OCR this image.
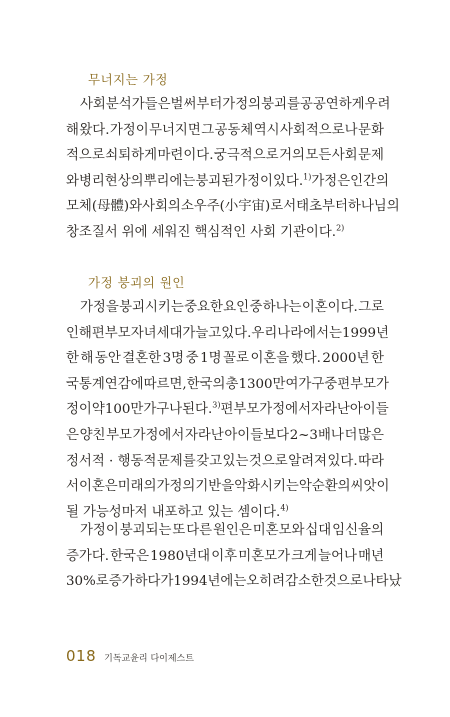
무너지는 가정
사회분석가들은 벌써부터 가정의 붕괴를 공공연하게 우려
해 왔다. 가정이 무너지면 그 공동체 역시 사회적으로나 문화
적으로 쇠퇴하게 마련이다. 궁극적으로 거의 모든 사회 문제
와 병리현상의 뿌리에는 붕괴된 가정이 있다.$^{1)}$ 가정은 인간의
모체(母體)와 사회의 소우주(小宇宙)로서 태초부터 하나님의
창조질서 위에 세워진 핵심적인 사회 기관이다.$^{2)}$
가정 붕괴의 원인
가정을 붕괴시키는 중요한 요인 중 하나는 이혼이다. 그로
인해 편부모 자녀 세대가 늘고 있다. 우리 나라에서는 1999년
한 해 동안 결혼한 3명 중 1명 꼴로 이혼을 했다. 2000년 한
국통계연감에 따르면, 한국의 총 1300만여 가구 중 편부모 가
정이 약 100만 가구나 된다.$^{3)}$ 편부모 가정에서 자라난 아이들
은 양친 부모 가정에서 자라난 아이들보다 2~3배나 더 많은
정서적 · 행동적 문제를 갖고 있는 것으로 알려져 있다. 따라
서 이혼은 미래의 가정의 기반을 악화시키는 악순환의 씨앗이
될 가능성마저 내포하고 있는 셈이다.$^{4)}$
가정이 붕괴되는 또 다른 원인은 미혼모와 십대 임신율의
증가다. 한국은 1980년대 이후 미혼모가 크게 늘어나 매년
30%로 증가하다가 1994년에는 오히려 감소한 것으로 나타났
018 기독교윤리 다이제스트
